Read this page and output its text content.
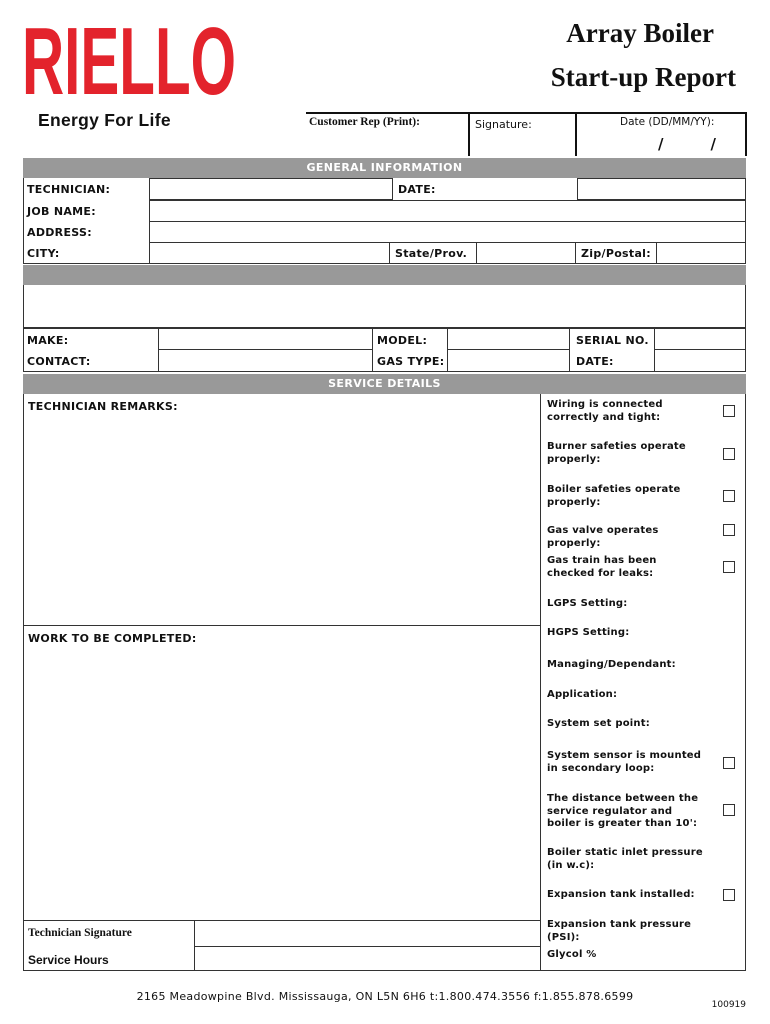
RIELLO
Energy For Life
Array Boiler
Start-up Report
Customer Rep (Print):	Signature:	Date (DD/MM/YY):
/         /
GENERAL INFORMATION
TECHNICIAN:	DATE:
JOB NAME:
ADDRESS:
CITY:	State/Prov.	Zip/Postal:
MAKE:	MODEL:	SERIAL NO.
CONTACT:	GAS TYPE:	DATE:
SERVICE DETAILS
TECHNICIAN REMARKS:
WORK TO BE COMPLETED:
Technician Signature
Service Hours
Wiring is connected correctly and tight:
Burner safeties operate properly:
Boiler safeties operate properly:
Gas valve operates properly:
Gas train has been checked for leaks:
LGPS Setting:
HGPS Setting:
Managing/Dependant:
Application:
System set point:
System sensor is mounted in secondary loop:
The distance between the service regulator and boiler is greater than 10':
Boiler static inlet pressure (in w.c):
Expansion tank installed:
Expansion tank pressure (PSI):
Glycol %
2165 Meadowpine Blvd. Mississauga, ON L5N 6H6 t:1.800.474.3556 f:1.855.878.6599
100919
